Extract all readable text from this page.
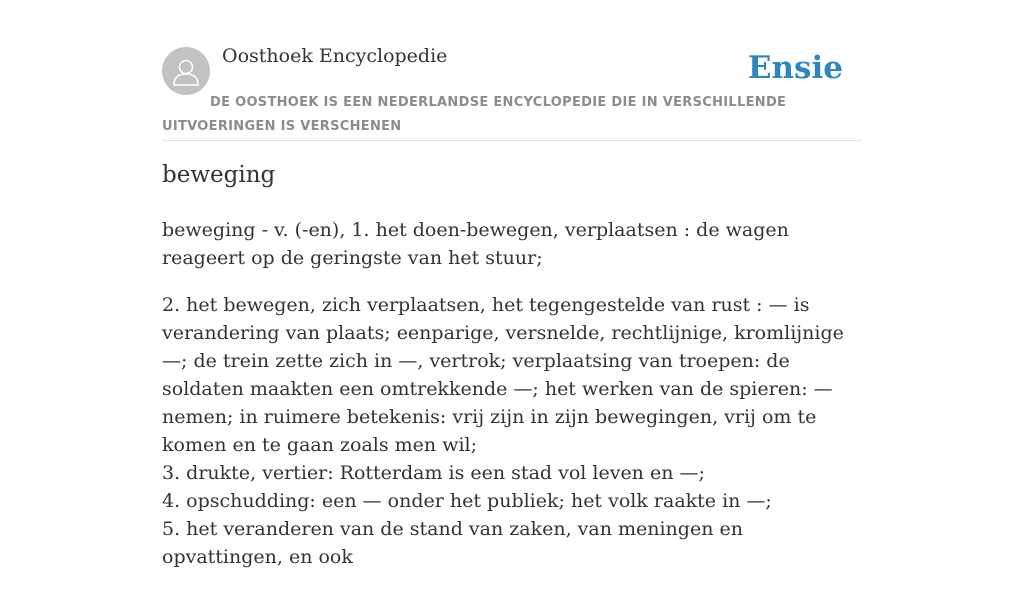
Oosthoek Encyclopedie	Ensie
DE OOSTHOEK IS EEN NEDERLANDSE ENCYCLOPEDIE DIE IN VERSCHILLENDE UITVOERINGEN IS VERSCHENEN
beweging

beweging - v. (-en), 1. het doen-bewegen, verplaatsen : de wagen reageert op de geringste van het stuur;

2. het bewegen, zich verplaatsen, het tegengestelde van rust : — is verandering van plaats; eenparige, versnelde, rechtlijnige, kromlijnige —; de trein zette zich in —, vertrok; verplaatsing van troepen: de soldaten maakten een omtrekkende —; het werken van de spieren: — nemen; in ruimere betekenis: vrij zijn in zijn bewegingen, vrij om te komen en te gaan zoals men wil;
3. drukte, vertier: Rotterdam is een stad vol leven en —;
4. opschudding: een — onder het publiek; het volk raakte in —;
5. het veranderen van de stand van zaken, van meningen en opvattingen, en ook
